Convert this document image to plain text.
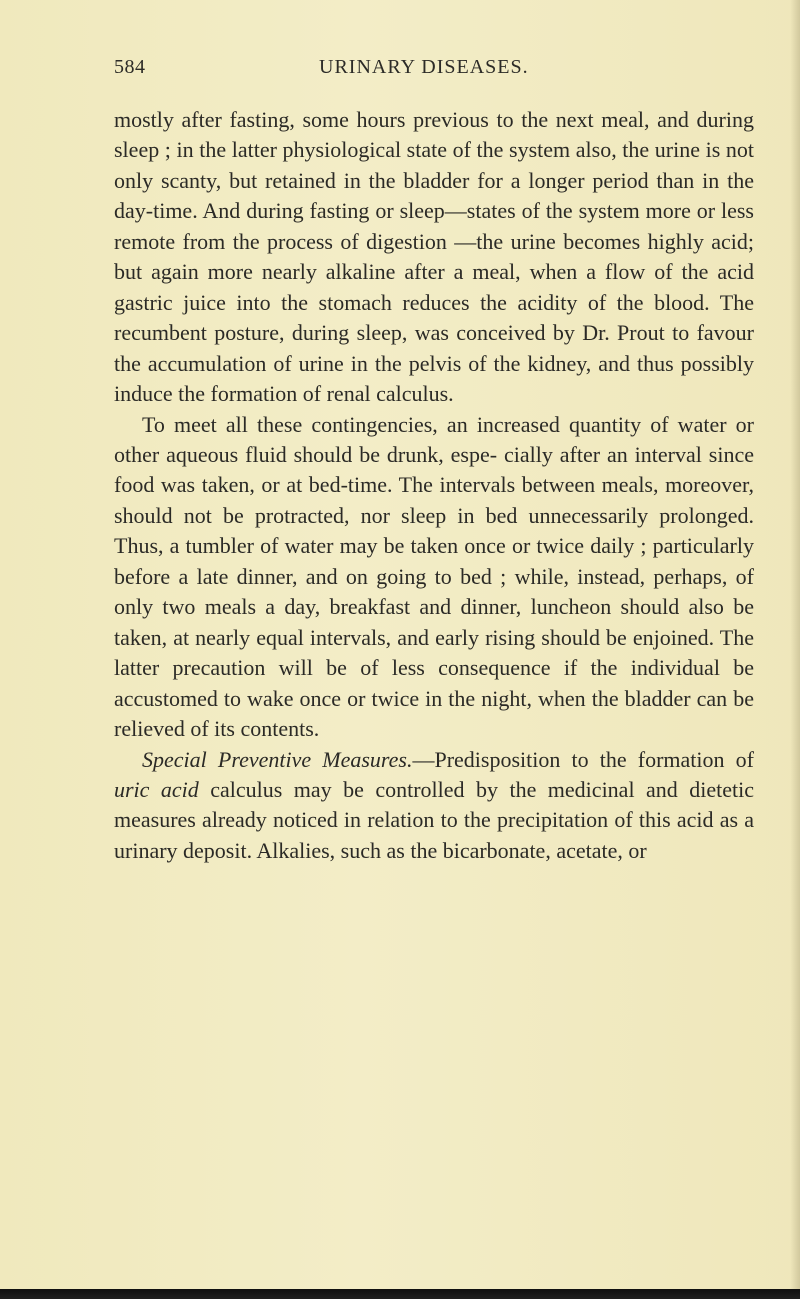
584	URINARY DISEASES.

mostly after fasting, some hours previous to the next meal, and during sleep ; in the latter physiological state of the system also, the urine is not only scanty, but retained in the bladder for a longer period than in the day-time. And during fasting or sleep—states of the system more or less remote from the process of digestion —the urine becomes highly acid; but again more nearly alkaline after a meal, when a flow of the acid gastric juice into the stomach reduces the acidity of the blood. The recumbent posture, during sleep, was conceived by Dr. Prout to favour the accumulation of urine in the pelvis of the kidney, and thus possibly induce the formation of renal calculus.

To meet all these contingencies, an increased quantity of water or other aqueous fluid should be drunk, espe- cially after an interval since food was taken, or at bed-time. The intervals between meals, moreover, should not be protracted, nor sleep in bed unnecessarily prolonged. Thus, a tumbler of water may be taken once or twice daily ; particularly before a late dinner, and on going to bed ; while, instead, perhaps, of only two meals a day, breakfast and dinner, luncheon should also be taken, at nearly equal intervals, and early rising should be enjoined. The latter precaution will be of less consequence if the individual be accustomed to wake once or twice in the night, when the bladder can be relieved of its contents.

Special Preventive Measures.—Predisposition to the formation of uric acid calculus may be controlled by the medicinal and dietetic measures already noticed in relation to the precipitation of this acid as a urinary deposit. Alkalies, such as the bicarbonate, acetate, or
